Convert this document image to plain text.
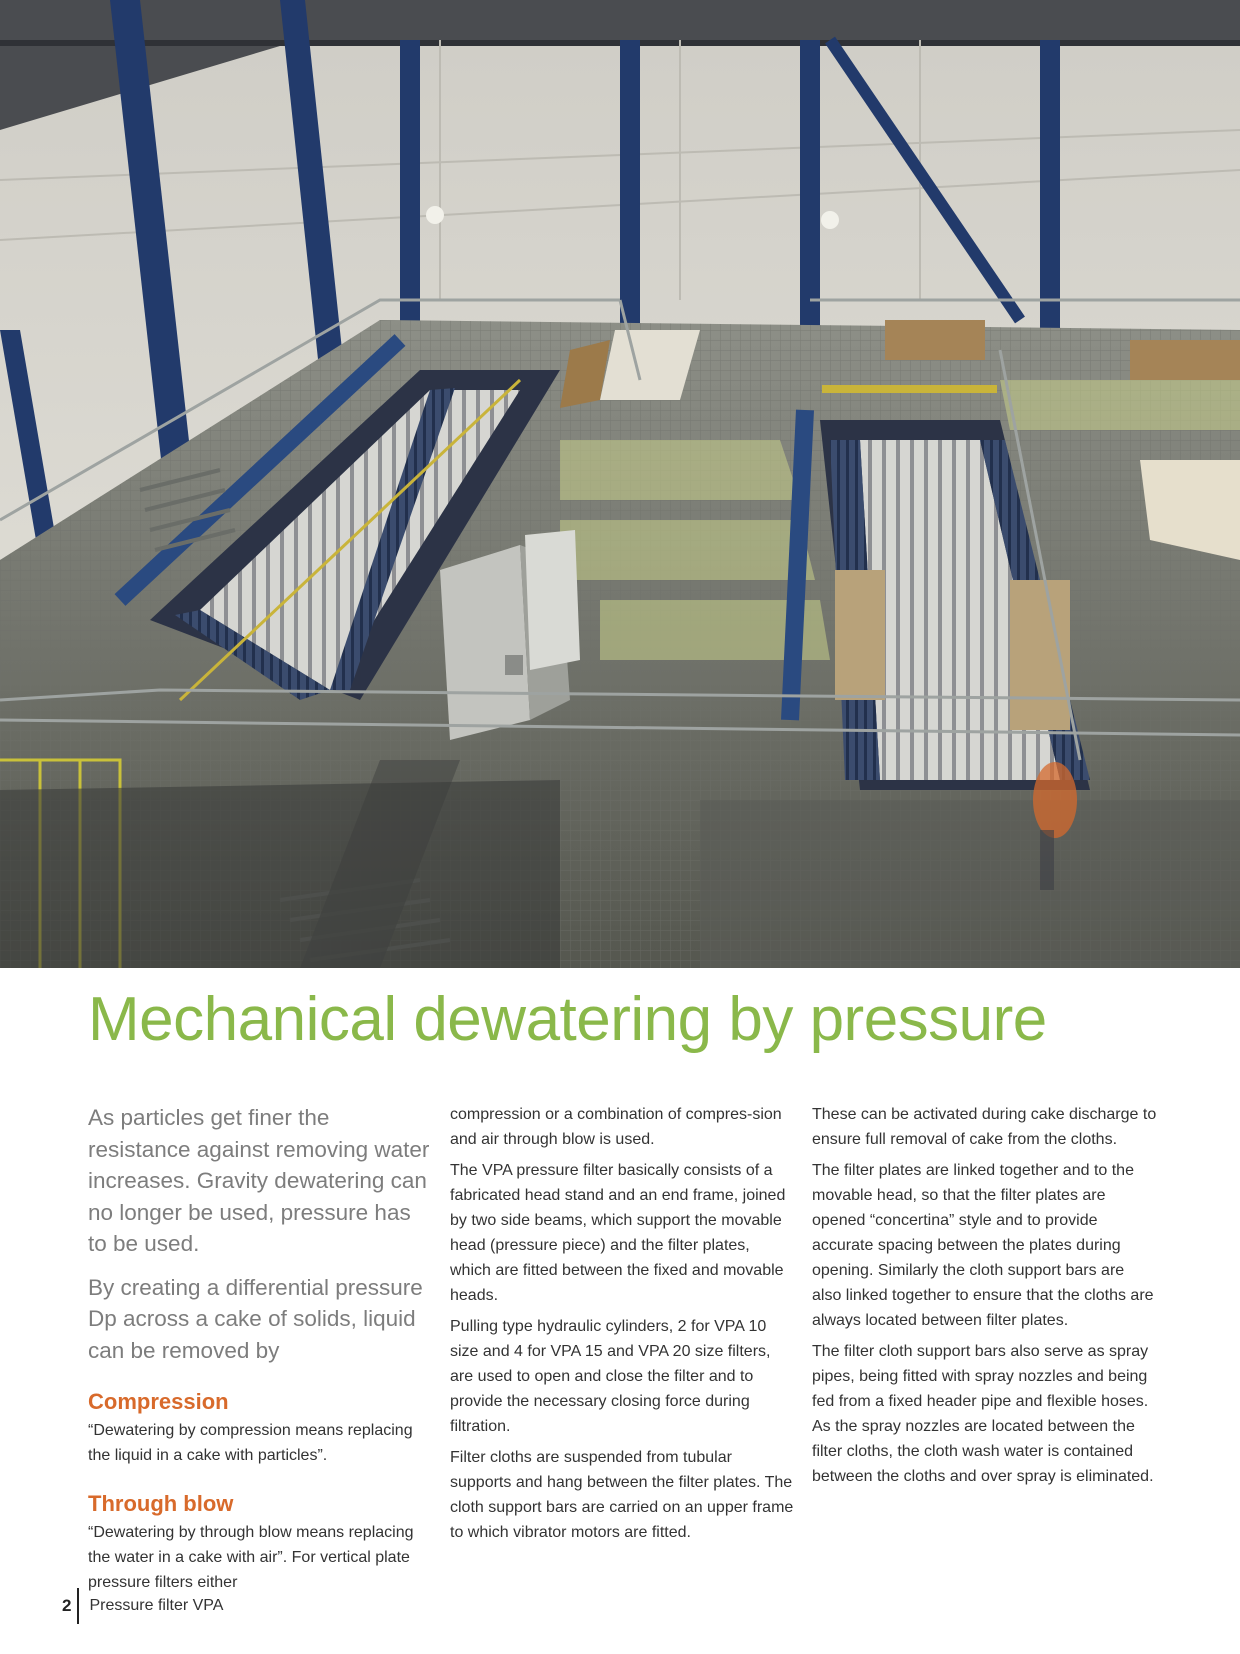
Mechanical dewatering by pressure

As particles get finer the resistance against removing water increases. Gravity dewatering can no longer be used, pressure has to be used.

By creating a differential pressure Dp across a cake of solids, liquid can be removed by

Compression

“Dewatering by compression means replacing the liquid in a cake with particles”.

Through blow

“Dewatering by through blow means replacing the water in a cake with air”. For vertical plate pressure filters either

compression or a combination of compres-sion and air through blow is used.

The VPA pressure filter basically consists of a fabricated head stand and an end frame, joined by two side beams, which support the movable head (pressure piece) and the filter plates, which are fitted between the fixed and movable heads.

Pulling type hydraulic cylinders, 2 for VPA 10 size and 4 for VPA 15 and VPA 20 size filters, are used to open and close the filter and to provide the necessary closing force during filtration.

Filter cloths are suspended from tubular supports and hang between the filter plates. The cloth support bars are carried on an upper frame to which vibrator motors are fitted.

These can be activated during cake discharge to ensure full removal of cake from the cloths.

The filter plates are linked together and to the movable head, so that the filter plates are opened “concertina” style and to provide accurate spacing between the plates during opening. Similarly the cloth support bars are also linked together to ensure that the cloths are always located between filter plates.

The filter cloth support bars also serve as spray pipes, being fitted with spray nozzles and being fed from a fixed header pipe and flexible hoses. As the spray nozzles are located between the filter cloths, the cloth wash water is contained between the cloths and over spray is eliminated.

2 Pressure filter VPA
